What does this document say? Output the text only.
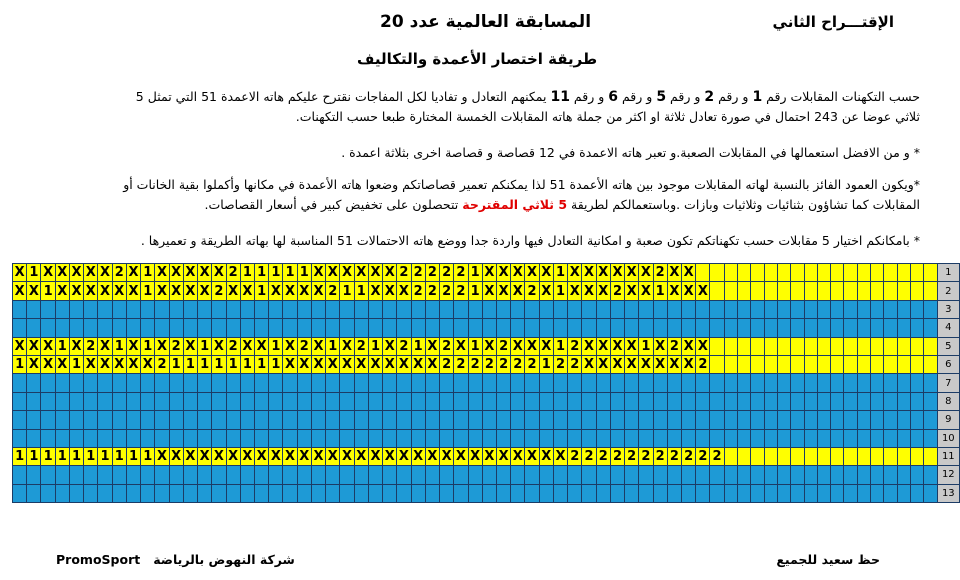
الإقتـــراح الثاني
المسابقة العالمية عدد 20
طريقة اختصار الأعمدة والتكاليف
حسب التكهنات المقابلات رقم 1 و رقم 2 و رقم 5 و رقم 6 و رقم 11 يمكنهم التعادل و تفاديا لكل المفاجات نقترح عليكم هاته الاعمدة 51 التي تمثل 5
ثلاثي عوضا عن 243 احتمال في صورة تعادل ثلاثة او اكثر من جملة هاته المقابلات الخمسة المختارة طبعا حسب التكهنات.
* و من الافضل استعمالها في المقابلات الصعبة.و تعبر هاته الاعمدة في 12 قصاصة و قصاصة اخرى بثلاثة اعمدة .
*ويكون العمود الفائز بالنسبة لهاته المقابلات موجود بين هاته الأعمدة 51 لذا يمكنكم تعمير قصاصاتكم وضعوا هاته الأعمدة في مكانها وأكملوا بقية الخانات أو
المقابلات كما تشاؤون بثنائيات وثلاثيات وبازات .وباستعمالكم لطريقة 5 ثلاثي المقترحة تتحصلون على تخفيض كبير في أسعار القصاصات.
* بامكانكم اختيار 5 مقابلات حسب تكهناتكم تكون صعبة و امكانية التعادل فيها واردة جدا ووضع هاته الاحتمالات 51 المناسبة لها بهاته الطريقة و تعميرها .
X	1	X	X	X	X	X	2	X	1	X	X	X	X	X	2	1	1	1	1	1	X	X	X	X	X	X	2	2	2	2	2	1	X	X	X	X	X	1	X	X	X	X	X	X	2	X	X																			1
X	X	1	X	X	X	X	X	X	1	X	X	X	X	2	X	X	1	X	X	X	X	2	1	1	X	X	X	2	2	2	2	1	X	X	X	2	X	1	X	X	X	2	X	X	1	X	X	X																		2
																																																																		3
																																																																		4
X	X	X	1	X	2	X	1	X	1	X	2	X	1	X	2	X	X	1	X	2	X	1	X	2	1	X	2	1	X	2	X	1	X	2	X	X	X	1	2	X	X	X	X	1	X	2	X	X																		5
1	X	X	X	1	X	X	X	X	X	2	1	1	1	1	1	1	1	1	X	X	X	X	X	X	X	X	X	X	X	2	2	2	2	2	2	2	1	2	2	X	X	X	X	X	X	X	X	2																		6
																																																																		7
																																																																		8
																																																																		9
																																																																		10
1	1	1	1	1	1	1	1	1	1	X	X	X	X	X	X	X	X	X	X	X	X	X	X	X	X	X	X	X	X	X	X	X	X	X	X	X	X	X	2	2	2	2	2	2	2	2	2	2	2																	11
																																																																		12
																																																																		13
حظ سعيد للجميع
PromoSport شركة النهوض بالرياضة
